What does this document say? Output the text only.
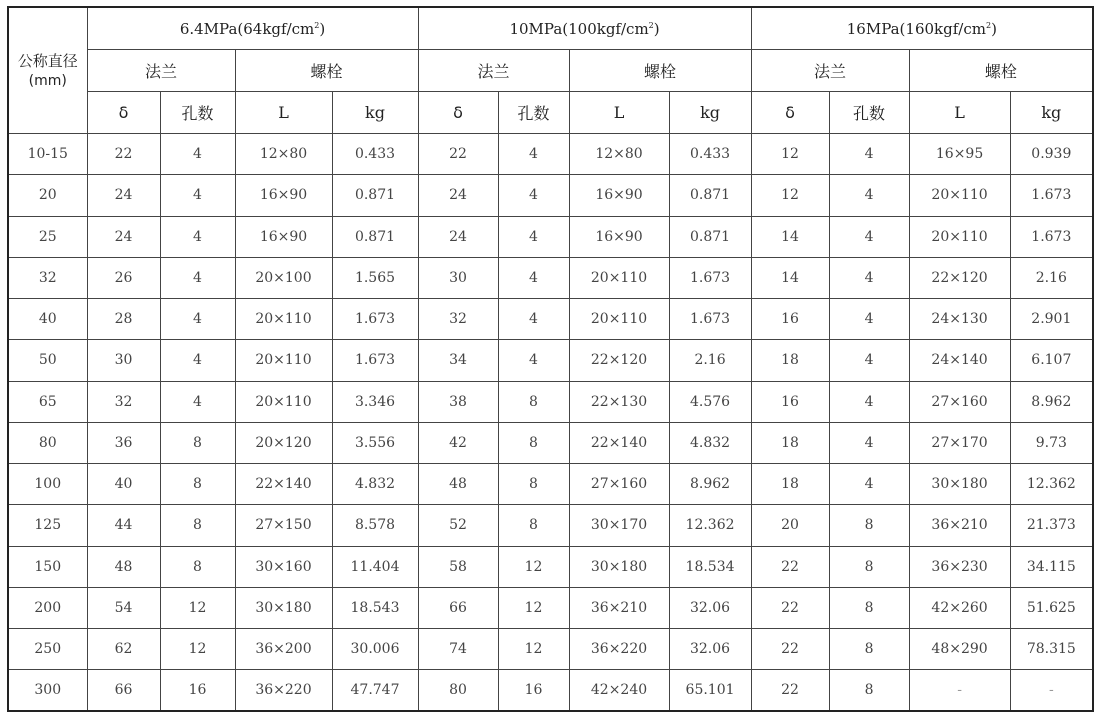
公称直径
(mm)	$6.4MPa(64kgf/cm^2)$				$10MPa(100kgf/cm^2)$				$16MPa(160kgf/cm^2)$			
	法兰		螺栓		法兰		螺栓		法兰		螺栓	
	δ	孔数	L	kg	δ	孔数	L	kg	δ	孔数	L	kg
10-15	22	4	12×80	0.433	22	4	12×80	0.433	12	4	16×95	0.939
20	24	4	16×90	0.871	24	4	16×90	0.871	12	4	20×110	1.673
25	24	4	16×90	0.871	24	4	16×90	0.871	14	4	20×110	1.673
32	26	4	20×100	1.565	30	4	20×110	1.673	14	4	22×120	2.16
40	28	4	20×110	1.673	32	4	20×110	1.673	16	4	24×130	2.901
50	30	4	20×110	1.673	34	4	22×120	2.16	18	4	24×140	6.107
65	32	4	20×110	3.346	38	8	22×130	4.576	16	4	27×160	8.962
80	36	8	20×120	3.556	42	8	22×140	4.832	18	4	27×170	9.73
100	40	8	22×140	4.832	48	8	27×160	8.962	18	4	30×180	12.362
125	44	8	27×150	8.578	52	8	30×170	12.362	20	8	36×210	21.373
150	48	8	30×160	11.404	58	12	30×180	18.534	22	8	36×230	34.115
200	54	12	30×180	18.543	66	12	36×210	32.06	22	8	42×260	51.625
250	62	12	36×200	30.006	74	12	36×220	32.06	22	8	48×290	78.315
300	66	16	36×220	47.747	80	16	42×240	65.101	22	8	-	-
